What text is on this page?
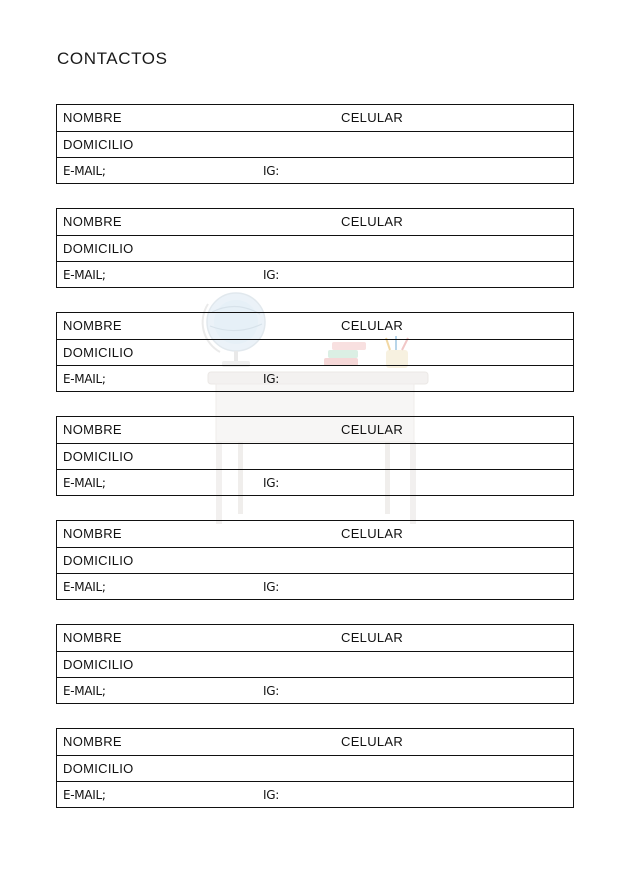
CONTACTOS
NOMBRE	CELULAR
DOMICILIO
E-MAIL;	IG:
NOMBRE	CELULAR
DOMICILIO
E-MAIL;	IG:
NOMBRE	CELULAR
DOMICILIO
E-MAIL;	IG:
NOMBRE	CELULAR
DOMICILIO
E-MAIL;	IG:
NOMBRE	CELULAR
DOMICILIO
E-MAIL;	IG:
NOMBRE	CELULAR
DOMICILIO
E-MAIL;	IG:
NOMBRE	CELULAR
DOMICILIO
E-MAIL;	IG:
